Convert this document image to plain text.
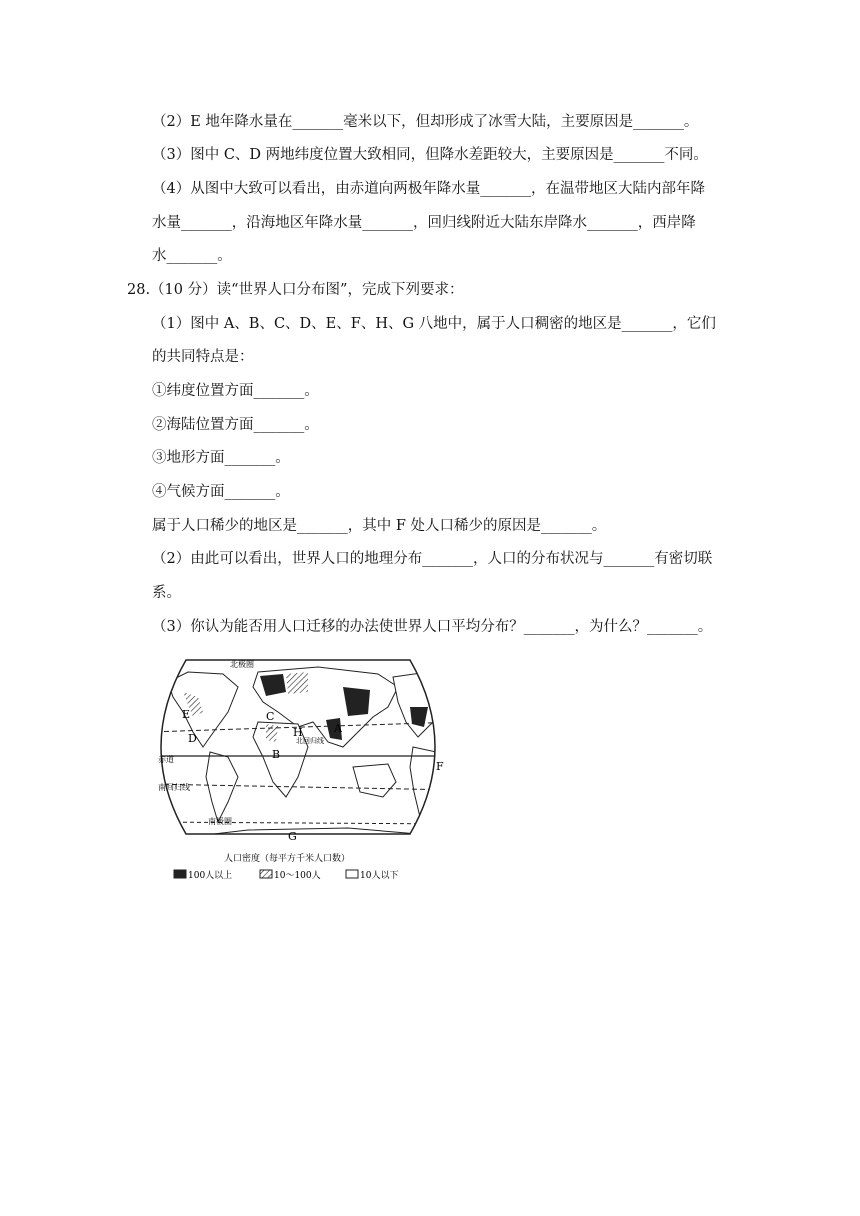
（2）E 地年降水量在_______毫米以下，但却形成了冰雪大陆，主要原因是_______。
（3）图中 C、D 两地纬度位置大致相同，但降水差距较大，主要原因是_______不同。
（4）从图中大致可以看出，由赤道向两极年降水量_______，在温带地区大陆内部年降
水量_______，沿海地区年降水量_______，回归线附近大陆东岸降水_______，西岸降
水_______。
28.（10 分）读“世界人口分布图”，完成下列要求：
（1）图中 A、B、C、D、E、F、H、G 八地中，属于人口稠密的地区是_______，它们
的共同特点是：
①纬度位置方面_______。
②海陆位置方面_______。
③地形方面_______。
④气候方面_______。
属于人口稀少的地区是_______，其中 F 处人口稀少的原因是_______。
（2）由此可以看出，世界人口的地理分布_______，人口的分布状况与_______有密切联
系。
（3）你认为能否用人口迁移的办法使世界人口平均分布？_______，为什么？_______。
北极圈
北回归线
赤道
南回归线
南极圈
E
D
C
H
B
A
F
G
人口密度（每平方千米人口数）
100人以上	10～100人	10人以下
